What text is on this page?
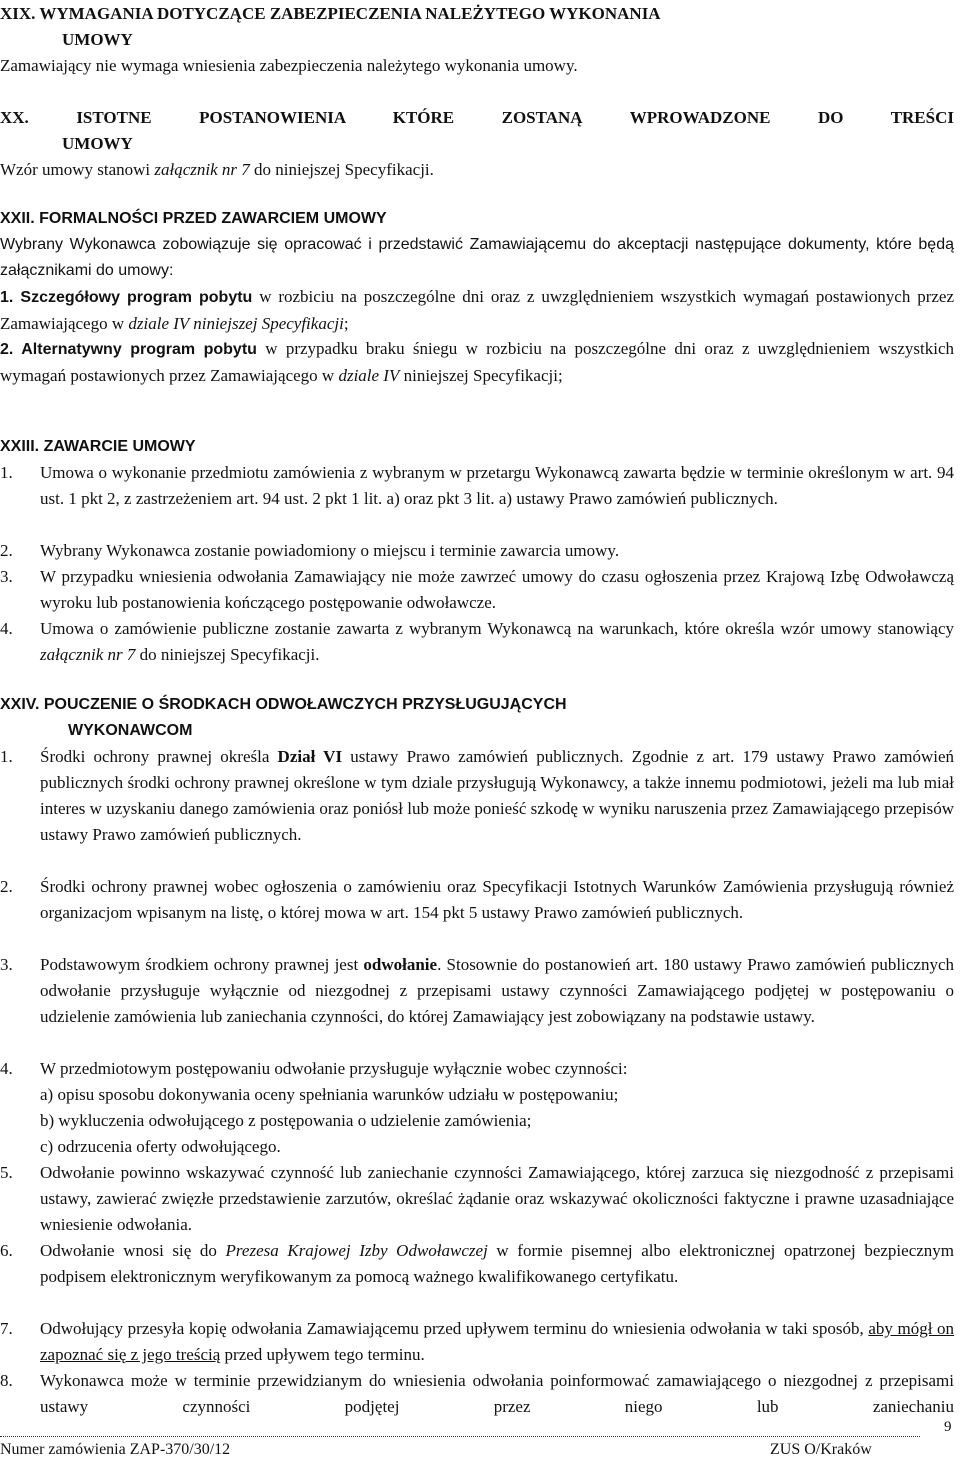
XIX. WYMAGANIA DOTYCZĄCE ZABEZPIECZENIA NALEŻYTEGO WYKONANIA
UMOWY
Zamawiający nie wymaga wniesienia zabezpieczenia należytego wykonania umowy.
XX. ISTOTNE POSTANOWIENIA KTÓRE ZOSTANĄ WPROWADZONE DO TREŚCI
UMOWY
Wzór umowy stanowi załącznik nr 7 do niniejszej Specyfikacji.
XXII. FORMALNOŚCI PRZED ZAWARCIEM UMOWY
Wybrany Wykonawca zobowiązuje się opracować i przedstawić Zamawiającemu do akceptacji następujące dokumenty, które będą załącznikami do umowy:
1. Szczegółowy program pobytu w rozbiciu na poszczególne dni oraz z uwzględnieniem wszystkich wymagań postawionych przez Zamawiającego w dziale IV niniejszej Specyfikacji;
2. Alternatywny program pobytu w przypadku braku śniegu w rozbiciu na poszczególne dni oraz z uwzględnieniem wszystkich wymagań postawionych przez Zamawiającego w dziale IV niniejszej Specyfikacji;
XXIII. ZAWARCIE UMOWY
1. Umowa o wykonanie przedmiotu zamówienia z wybranym w przetargu Wykonawcą zawarta będzie w terminie określonym w art. 94 ust. 1 pkt 2, z zastrzeżeniem art. 94 ust. 2 pkt 1 lit. a) oraz pkt 3 lit. a) ustawy Prawo zamówień publicznych.
2. Wybrany Wykonawca zostanie powiadomiony o miejscu i terminie zawarcia umowy.
3. W przypadku wniesienia odwołania Zamawiający nie może zawrzeć umowy do czasu ogłoszenia przez Krajową Izbę Odwoławczą wyroku lub postanowienia kończącego postępowanie odwoławcze.
4. Umowa o zamówienie publiczne zostanie zawarta z wybranym Wykonawcą na warunkach, które określa wzór umowy stanowiący załącznik nr 7 do niniejszej Specyfikacji.
XXIV. POUCZENIE O ŚRODKACH ODWOŁAWCZYCH PRZYSŁUGUJĄCYCH
WYKONAWCOM
1. Środki ochrony prawnej określa Dział VI ustawy Prawo zamówień publicznych. Zgodnie z art. 179 ustawy Prawo zamówień publicznych środki ochrony prawnej określone w tym dziale przysługują Wykonawcy, a także innemu podmiotowi, jeżeli ma lub miał interes w uzyskaniu danego zamówienia oraz poniósł lub może ponieść szkodę w wyniku naruszenia przez Zamawiającego przepisów ustawy Prawo zamówień publicznych.
2. Środki ochrony prawnej wobec ogłoszenia o zamówieniu oraz Specyfikacji Istotnych Warunków Zamówienia przysługują również organizacjom wpisanym na listę, o której mowa w art. 154 pkt 5 ustawy Prawo zamówień publicznych.
3. Podstawowym środkiem ochrony prawnej jest odwołanie. Stosownie do postanowień art. 180 ustawy Prawo zamówień publicznych odwołanie przysługuje wyłącznie od niezgodnej z przepisami ustawy czynności Zamawiającego podjętej w postępowaniu o udzielenie zamówienia lub zaniechania czynności, do której Zamawiający jest zobowiązany na podstawie ustawy.
4. W przedmiotowym postępowaniu odwołanie przysługuje wyłącznie wobec czynności:
a) opisu sposobu dokonywania oceny spełniania warunków udziału w postępowaniu;
b) wykluczenia odwołującego z postępowania o udzielenie zamówienia;
c) odrzucenia oferty odwołującego.
5. Odwołanie powinno wskazywać czynność lub zaniechanie czynności Zamawiającego, której zarzuca się niezgodność z przepisami ustawy, zawierać zwięzłe przedstawienie zarzutów, określać żądanie oraz wskazywać okoliczności faktyczne i prawne uzasadniające wniesienie odwołania.
6. Odwołanie wnosi się do Prezesa Krajowej Izby Odwoławczej w formie pisemnej albo elektronicznej opatrzonej bezpiecznym podpisem elektronicznym weryfikowanym za pomocą ważnego kwalifikowanego certyfikatu.
7. Odwołujący przesyła kopię odwołania Zamawiającemu przed upływem terminu do wniesienia odwołania w taki sposób, aby mógł on zapoznać się z jego treścią przed upływem tego terminu.
8. Wykonawca może w terminie przewidzianym do wniesienia odwołania poinformować zamawiającego o niezgodnej z przepisami ustawy czynności podjętej przez niego lub zaniechaniu
9
Numer zamówienia ZAP-370/30/12	ZUS O/Kraków
